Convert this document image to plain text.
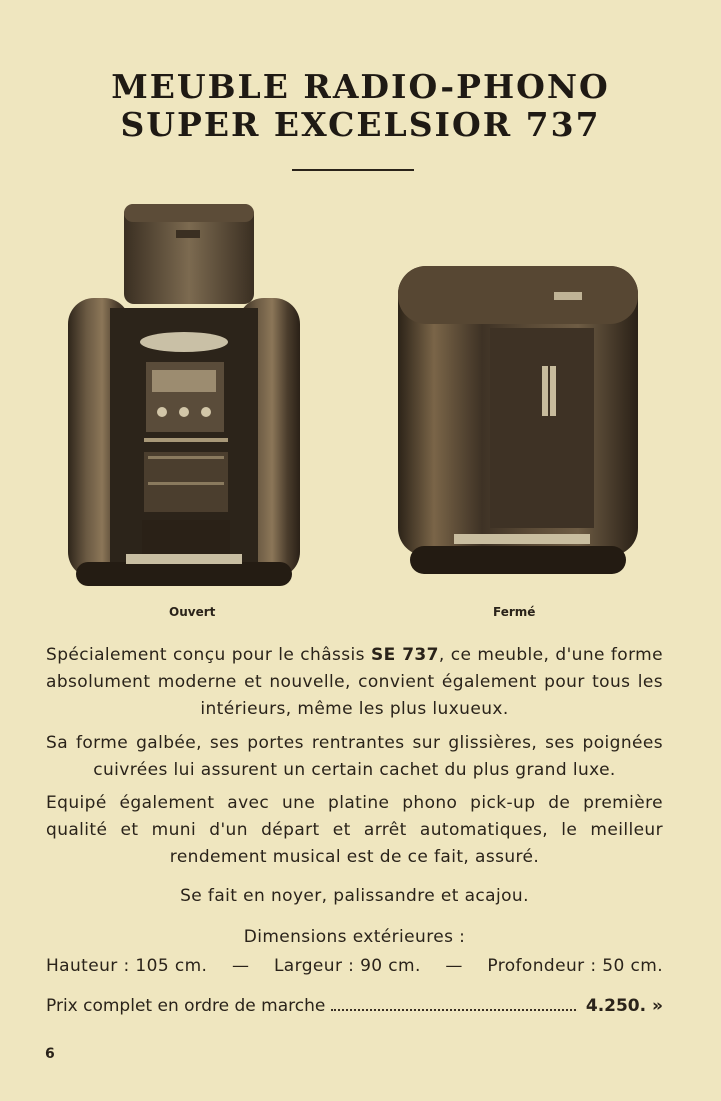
MEUBLE RADIO-PHONO
SUPER EXCELSIOR 737
Ouvert	Fermé
Spécialement conçu pour le châssis SE 737, ce meuble, d'une forme absolument moderne et nouvelle, convient également pour tous les intérieurs, même les plus luxueux.
Sa forme galbée, ses portes rentrantes sur glissières, ses poignées cuivrées lui assurent un certain cachet du plus grand luxe.
Equipé également avec une platine phono pick-up de première qualité et muni d'un départ et arrêt automatiques, le meilleur rendement musical est de ce fait, assuré.
Se fait en noyer, palissandre et acajou.
Dimensions extérieures :
Hauteur : 105 cm. — Largeur : 90 cm. — Profondeur : 50 cm.
Prix complet en ordre de marche	4.250. »
6
